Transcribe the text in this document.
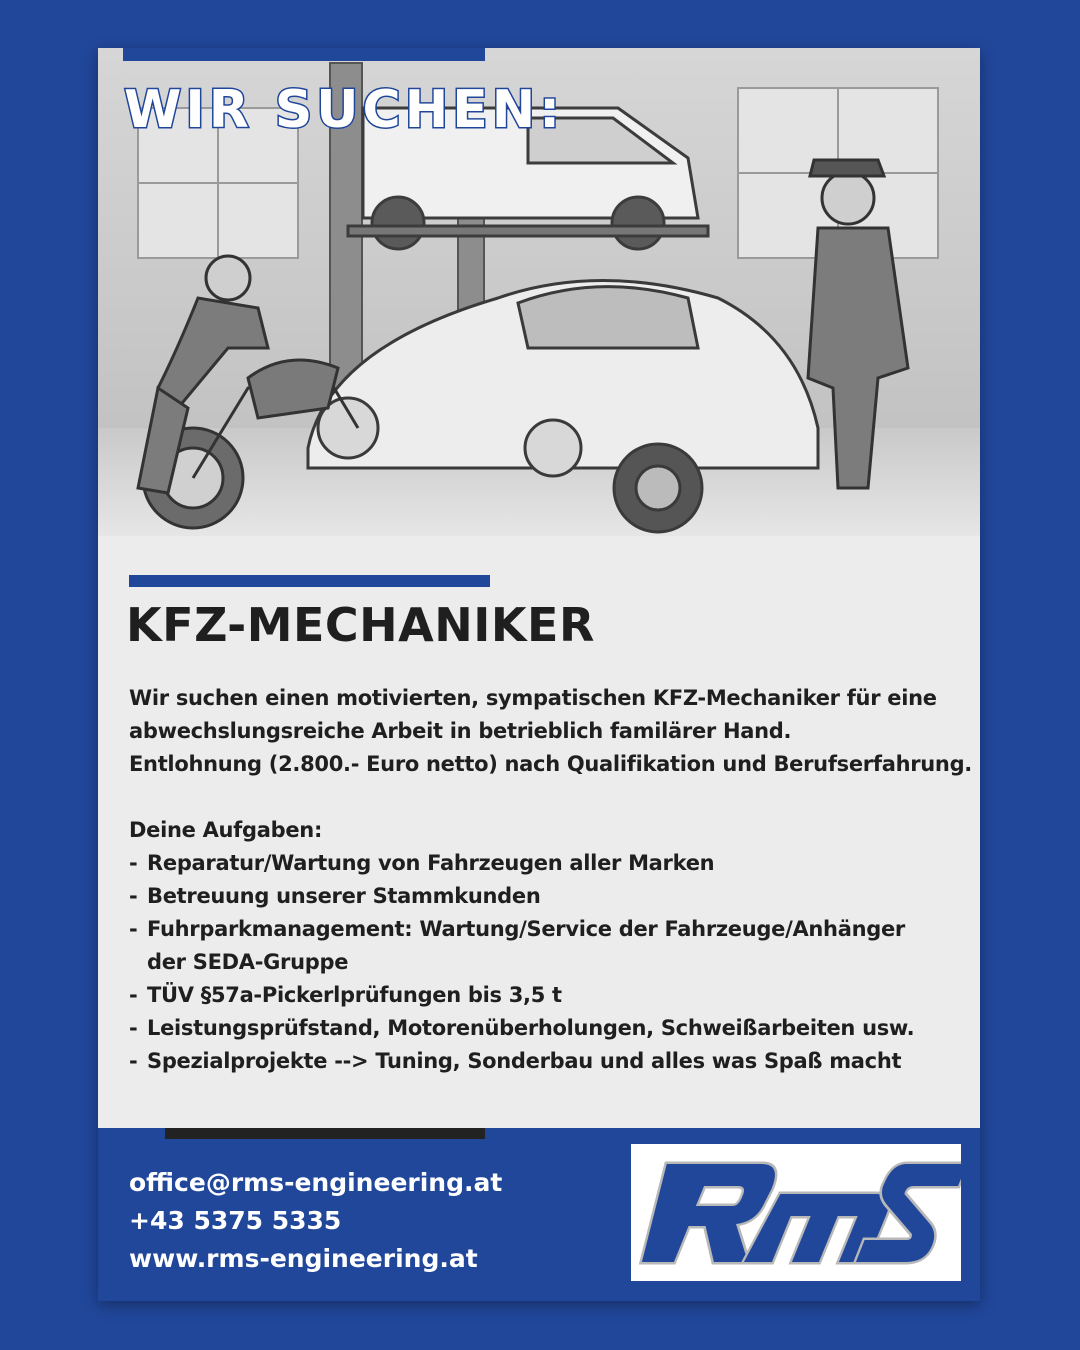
WIR SUCHEN:
KFZ-MECHANIKER

Wir suchen einen motivierten, sympatischen KFZ-Mechaniker für eine

abwechslungsreiche Arbeit in betrieblich familärer Hand.

Entlohnung (2.800.- Euro netto) nach Qualifikation und Berufserfahrung.

Deine Aufgaben:

- Reparatur/Wartung von Fahrzeugen aller Marken
- Betreuung unserer Stammkunden
- Fuhrparkmanagement: Wartung/Service der Fahrzeuge/Anhänger
der SEDA-Gruppe
- TÜV §57a-Pickerlprüfungen bis 3,5 t
- Leistungsprüfstand, Motorenüberholungen, Schweißarbeiten usw.
- Spezialprojekte --> Tuning, Sonderbau und alles was Spaß macht
office@rms-engineering.at
+43 5375 5335
www.rms-engineering.at
